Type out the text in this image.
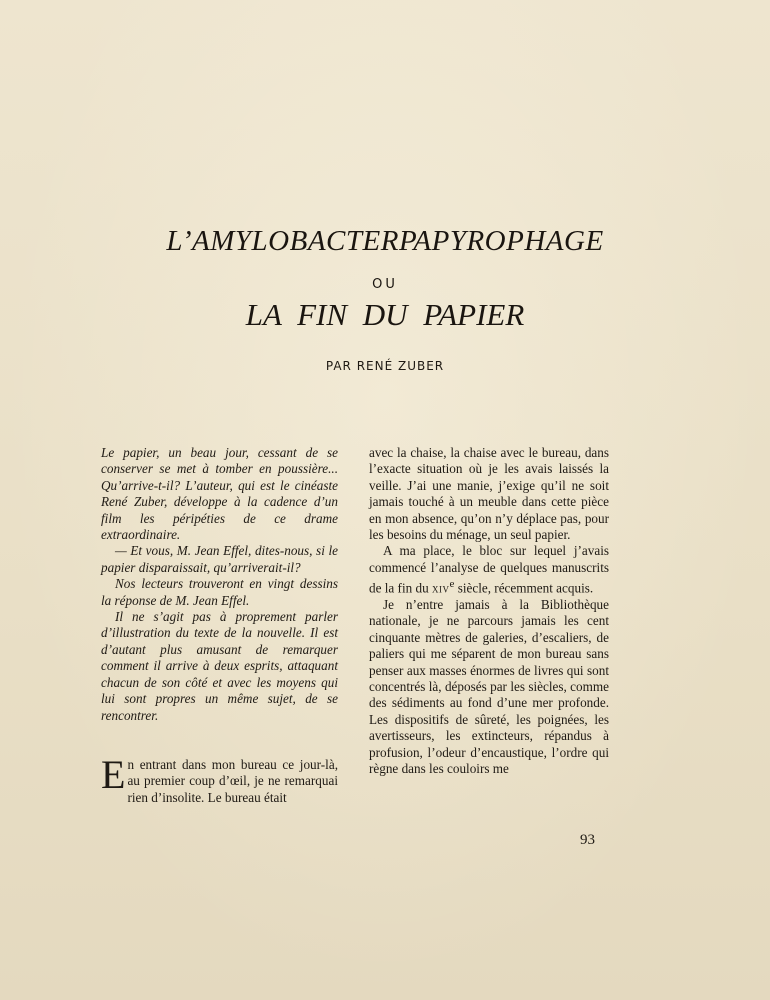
L’AMYLOBACTERPAPYROPHAGE
OU
LA FIN DU PAPIER
PAR RENÉ ZUBER

Le papier, un beau jour, cessant de se conserver se met à tomber en poussière... Qu’arrive-t-il? L’auteur, qui est le cinéaste René Zuber, développe à la cadence d’un film les péripéties de ce drame extraordinaire.

— Et vous, M. Jean Effel, dites-nous, si le papier disparaissait, qu’arriverait-il?

Nos lecteurs trouveront en vingt dessins la réponse de M. Jean Effel.

Il ne s’agit pas à proprement parler d’illustration du texte de la nouvelle. Il est d’autant plus amusant de remarquer comment il arrive à deux esprits, attaquant chacun de son côté et avec les moyens qui lui sont propres un même sujet, de se rencontrer.

En entrant dans mon bureau ce jour-là, au premier coup d’œil, je ne remarquai rien d’insolite. Le bureau était

avec la chaise, la chaise avec le bureau, dans l’exacte situation où je les avais laissés la veille. J’ai une manie, j’exige qu’il ne soit jamais touché à un meuble dans cette pièce en mon absence, qu’on n’y déplace pas, pour les besoins du ménage, un seul papier.

A ma place, le bloc sur lequel j’avais commencé l’analyse de quelques manuscrits de la fin du xiv$^e$ siècle, récemment acquis.

Je n’entre jamais à la Bibliothèque nationale, je ne parcours jamais les cent cinquante mètres de galeries, d’escaliers, de paliers qui me séparent de mon bureau sans penser aux masses énormes de livres qui sont concentrés là, déposés par les siècles, comme des sédiments au fond d’une mer profonde. Les dispositifs de sûreté, les poignées, les avertisseurs, les extincteurs, répandus à profusion, l’odeur d’encaustique, l’ordre qui règne dans les couloirs me

93
